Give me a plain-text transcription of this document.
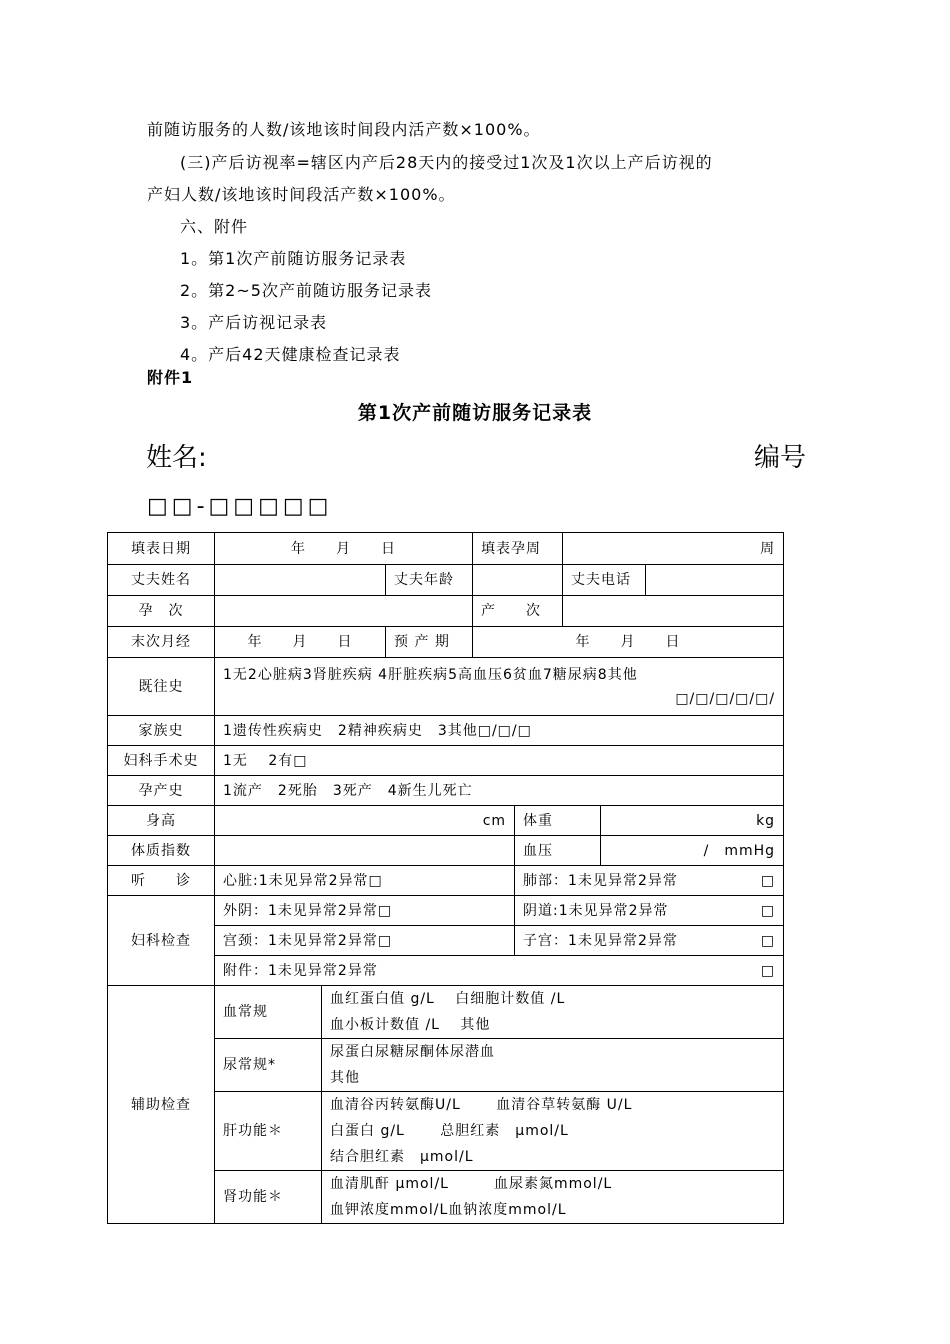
前随访服务的人数/该地该时间段内活产数×100%。
(三)产后访视率=辖区内产后28天内的接受过1次及1次以上产后访视的
产妇人数/该地该时间段活产数×100%。
六、附件
1。第1次产前随访服务记录表
2。第2~5次产前随访服务记录表
3。产后访视记录表
4。产后42天健康检查记录表
附件1
第1次产前随访服务记录表
姓名:	编号
□□-□□□□□
填表日期	年　　月　　日			填表孕周		周		
丈夫姓名			丈夫年龄			丈夫电话		
孕　次				产　　次				
末次月经	年　　月　　日		预 产 期	年　　月　　日				
既往史	1无2心脏病3肾脏疾病 4肝脏疾病5高血压6贫血7糖尿病8其他
□/□/□/□/□/							

家族史	1遗传性疾病史　2精神疾病史　3其他□/□/□							
妇科手术史	1无　 2有□							
孕产史	1流产　2死胎　3死产　4新生儿死亡							
身高	cm				体重		kg	
体质指数					血压		/　mmHg	
听　　诊	心脏:1未见异常2异常□				肺部：1未见异常2异常 □			

妇科检查	外阴：1未见异常2异常□				阴道:1未见异常2异常 □			

	宫颈：1未见异常2异常□				子宫：1未见异常2异常 □			

	附件：1未见异常2异常 □							

辅助检查	血常规	血红蛋白值 g/L　 白细胞计数值 /L
血小板计数值 /L　 其他						

	尿常规*	尿蛋白尿糖尿酮体尿潜血
其他						

	肝功能＊	血清谷丙转氨酶U/L　　 血清谷草转氨酶 U/L
白蛋白 g/L　　 总胆红素　μmol/L
结合胆红素　μmol/L						

	肾功能＊	血清肌酐 μmol/L　　　血尿素氮mmol/L
血钾浓度mmol/L血钠浓度mmol/L						
